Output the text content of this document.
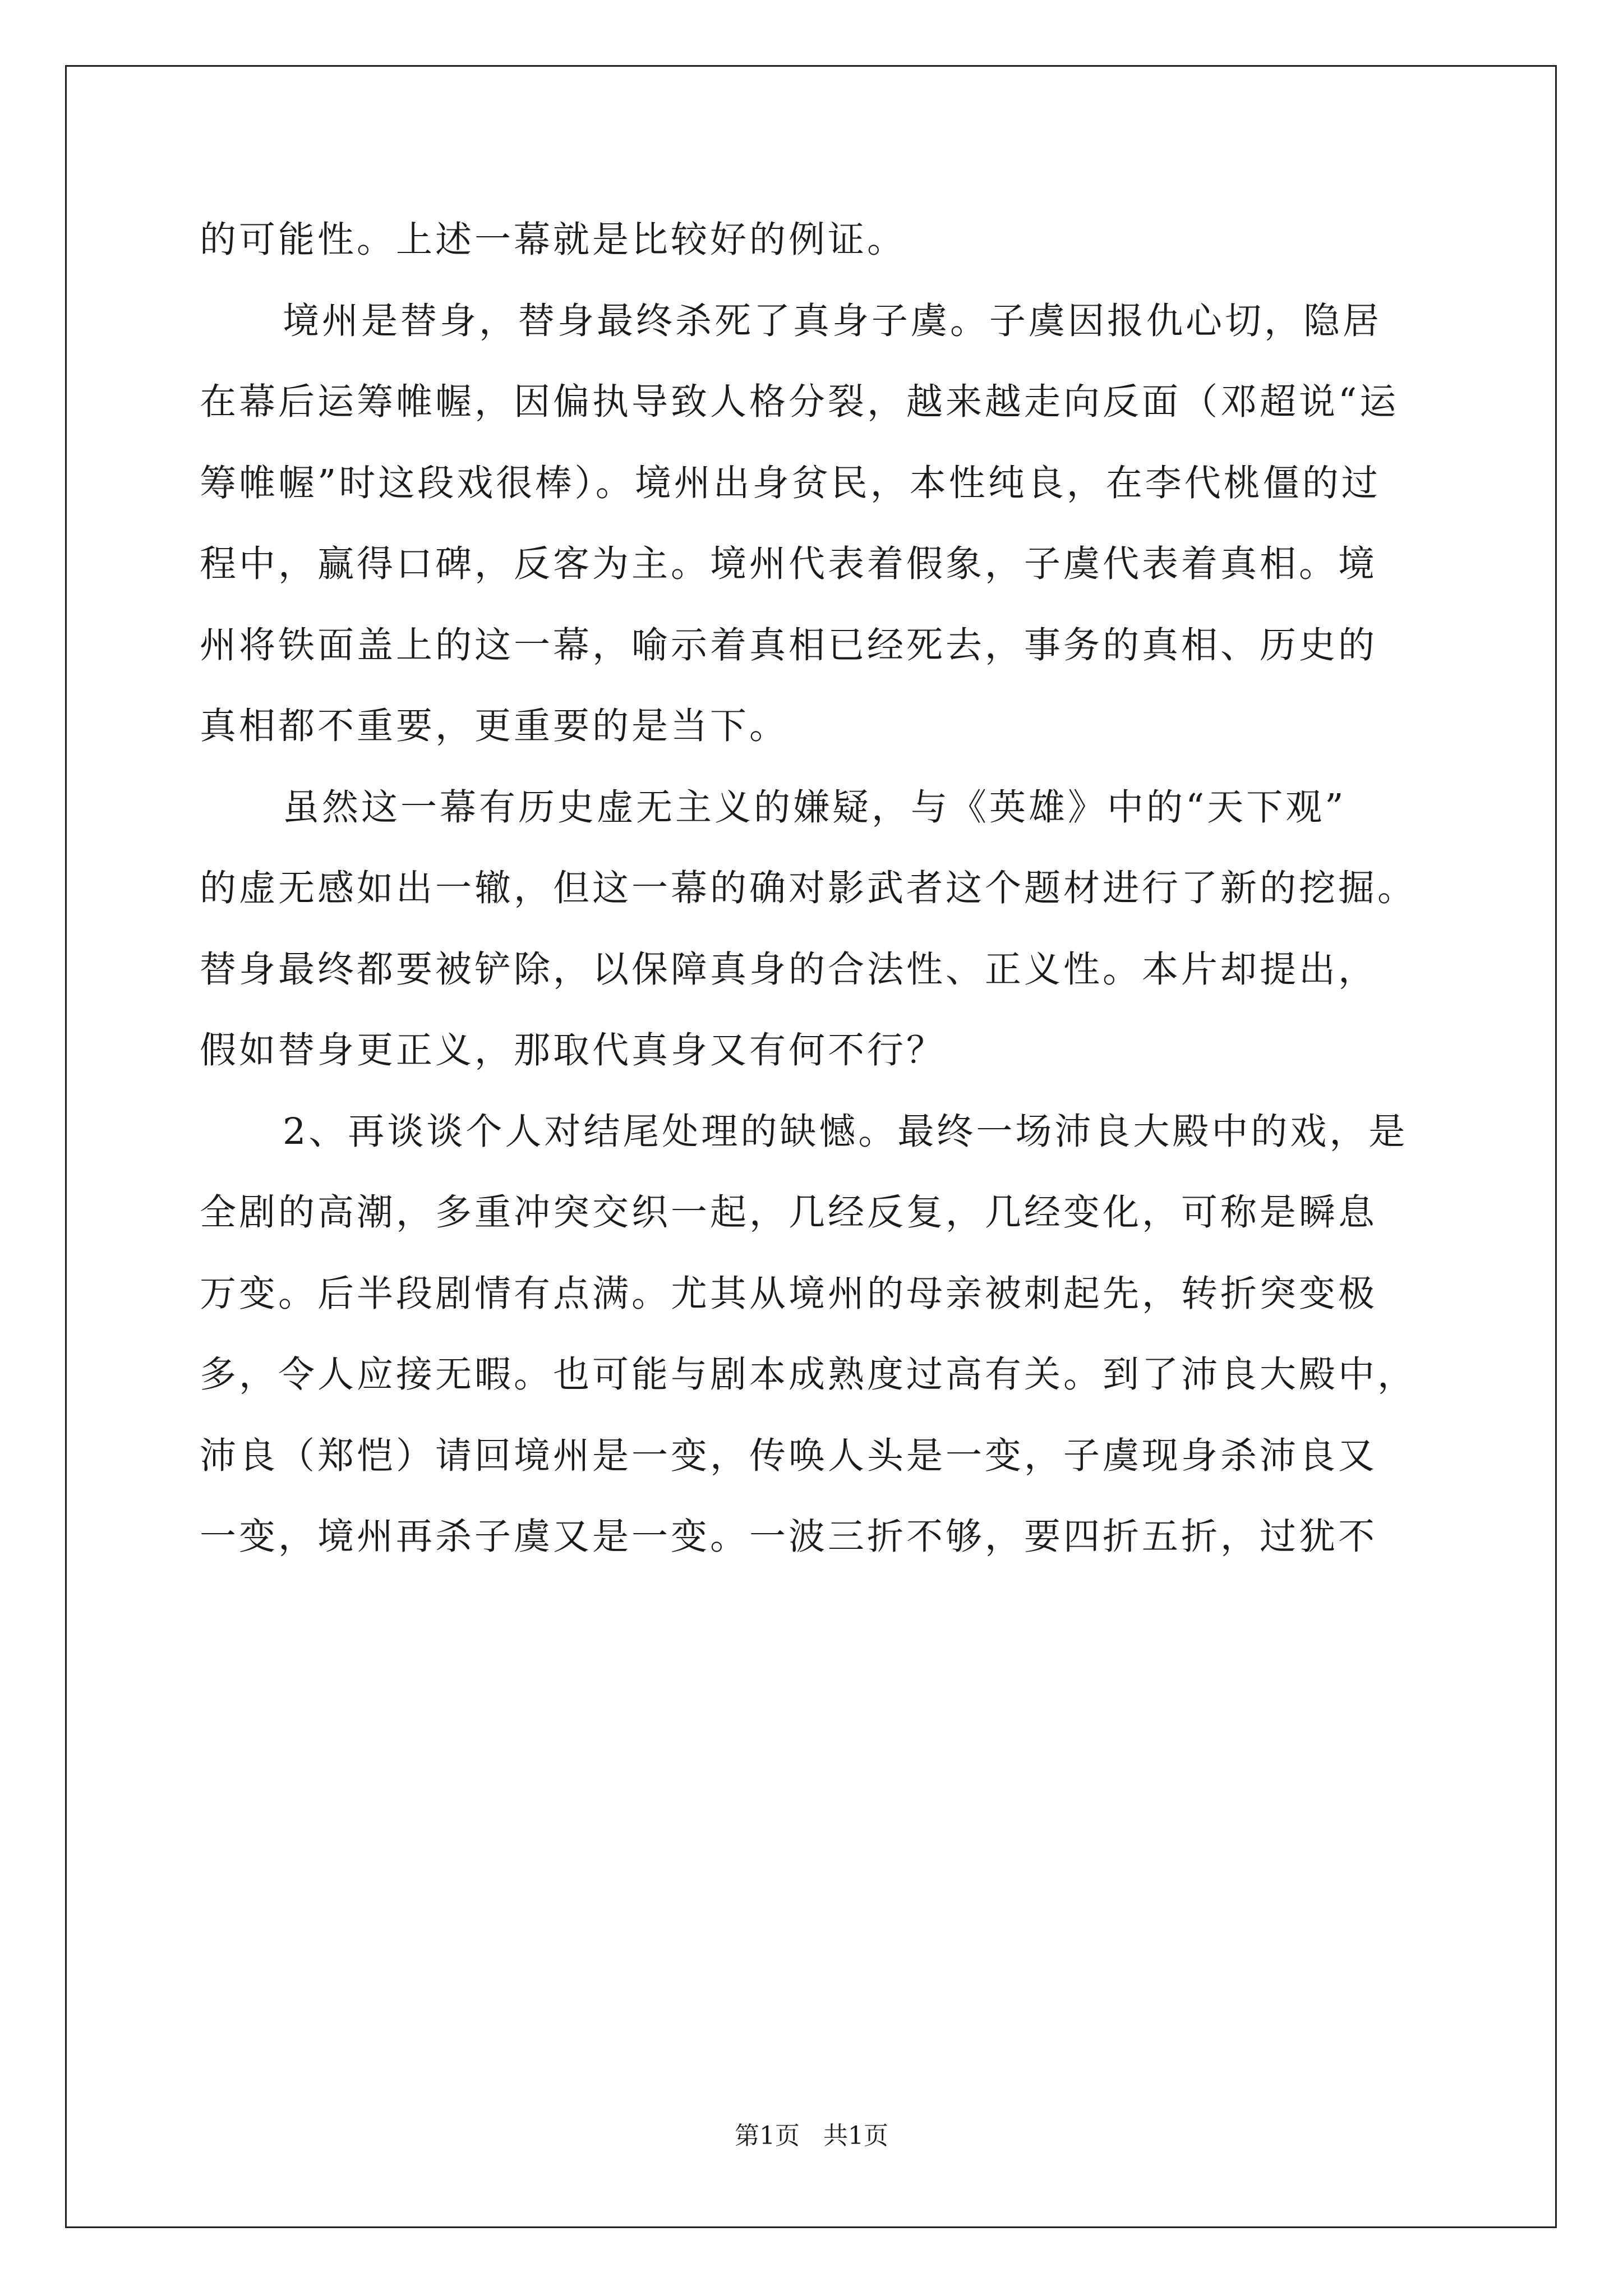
的可能性。上述一幕就是比较好的例证。
境州是替身，替身最终杀死了真身子虞。子虞因报仇心切，隐居
在幕后运筹帷幄，因偏执导致人格分裂，越来越走向反面（邓超说“运
筹帷幄”时这段戏很棒）。境州出身贫民，本性纯良，在李代桃僵的过
程中，赢得口碑，反客为主。境州代表着假象，子虞代表着真相。境
州将铁面盖上的这一幕，喻示着真相已经死去，事务的真相、历史的
真相都不重要，更重要的是当下。
虽然这一幕有历史虚无主义的嫌疑，与《英雄》中的“天下观”
的虚无感如出一辙，但这一幕的确对影武者这个题材进行了新的挖掘。
替身最终都要被铲除，以保障真身的合法性、正义性。本片却提出，
假如替身更正义，那取代真身又有何不行？
2、再谈谈个人对结尾处理的缺憾。最终一场沛良大殿中的戏，是
全剧的高潮，多重冲突交织一起，几经反复，几经变化，可称是瞬息
万变。后半段剧情有点满。尤其从境州的母亲被刺起先，转折突变极
多，令人应接无暇。也可能与剧本成熟度过高有关。到了沛良大殿中，
沛良（郑恺）请回境州是一变，传唤人头是一变，子虞现身杀沛良又
一变，境州再杀子虞又是一变。一波三折不够，要四折五折，过犹不
第1页   共1页
